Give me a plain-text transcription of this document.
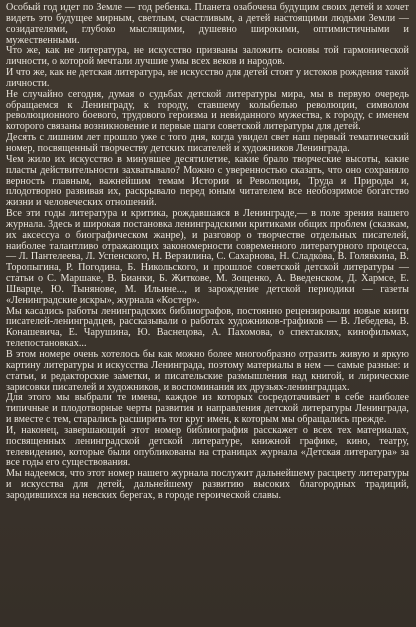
Особый год идет по Земле — год ребенка. Планета озабочена будущим своих детей и хочет видеть это будущее мирным, светлым, счастливым, а детей настоящими людьми Земли — созидателями, глубоко мыслящими, душевно широкими, оптимистичными и мужественными.

Что же, как не литература, не искусство призваны заложить основы той гармонической личности, о которой мечтали лучшие умы всех веков и народов.

И что же, как не детская литература, не искусство для детей стоят у истоков рождения такой личности.

Не случайно сегодня, думая о судьбах детской литературы мира, мы в первую очередь обращаемся к Ленинграду, к городу, ставшему колыбелью революции, символом революционного боевого, трудового героизма и невиданного мужества, к городу, с именем которого связаны возникновение и первые шаги советской литературы для детей.

Десять с лишним лет прошло уже с того дня, когда увидел свет наш первый тематический номер, посвященный творчеству детских писателей и художников Ленинграда.

Чем жило их искусство в минувшее десятилетие, какие брало творческие высоты, какие пласты действительности захватывало? Можно с уверенностью сказать, что оно сохраняло верность главным, важнейшим темам Истории и Революции, Труда и Природы и, плодотворно развивая их, раскрывало перед юным читателем все необозримое богатство жизни и человеческих отношений.

Все эти годы литература и критика, рождавшаяся в Ленинграде,— в поле зрения нашего журнала. Здесь и широкая постановка ленинградскими критиками общих проблем (сказкам, их аксессуа о биографическом жанре), и разговор о творчестве отдельных писателей, наиболее талантливо отражающих закономерности современного литературного процесса,— Л. Пантелеева, Л. Успенского, Н. Верзилина, С. Сахарнова, Н. Сладкова, В. Голявкина, В. Торопыгина, Р. Погодина, Б. Никольского, и прошлое советской детской литературы — статьи о С. Маршаке, В. Бианки, Б. Житкове, М. Зощенко, А. Введенском, Д. Хармсе, Е. Шварце, Ю. Тынянове, М. Ильине..., и зарождение детской периодики — газеты «Ленинградские искры», журнала «Костер».

Мы касались работы ленинградских библиографов, постоянно рецензировали новые книги писателей-ленинградцев, рассказывали о работах художников-графиков — В. Лебедева, В. Конашевича, Е. Чарушина, Ю. Васнецова, А. Пахомова, о спектаклях, кинофильмах, телепостановках...

В этом номере очень хотелось бы как можно более многообразно отразить живую и яркую картину литературы и искусства Ленинграда, поэтому материалы в нем — самые разные: и статьи, и редакторские заметки, и писательские размышления над книгой, и лирические зарисовки писателей и художников, и воспоминания их друзьях-ленинградцах.

Для этого мы выбрали те имена, каждое из которых сосредотачивает в себе наиболее типичные и плодотворные черты развития и направления детской литературы Ленинграда, и вместе с тем, старались расширить тот круг имен, к которым мы обращались прежде.

И, наконец, завершающий этот номер библиография расскажет о всех тех материалах, посвященных ленинградской детской литературе, книжной графике, кино, театру, телевидению, которые были опубликованы на страницах журнала «Детская литература» за все годы его существования.

Мы надеемся, что этот номер нашего журнала послужит дальнейшему расцвету литературы и искусства для детей, дальнейшему развитию высоких благородных традиций, зародившихся на невских берегах, в городе героической славы.
